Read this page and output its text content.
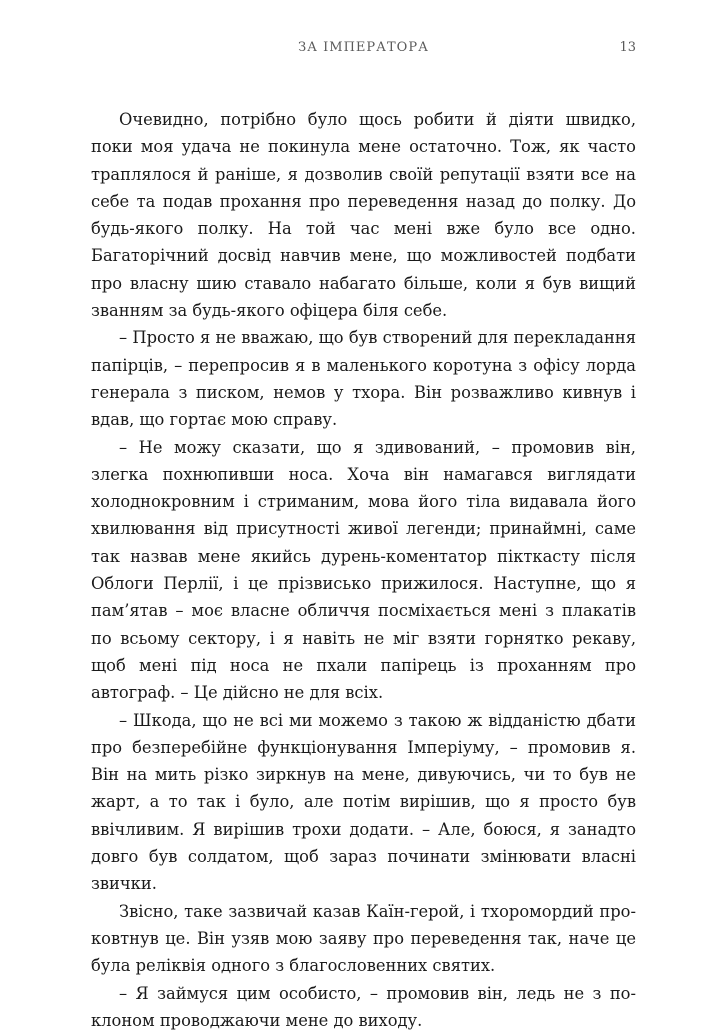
ЗА ІМПЕРАТОРА	13

Очевидно, потрібно було щось робити й діяти швидко, поки моя удача не покинула мене остаточно. Тож, як часто траплялося й раніше, я дозволив своїй репутації взяти все на себе та подав прохання про переведення назад до полку. До будь-якого полку. На той час мені вже було все одно. Багаторічний досвід навчив мене, що можливостей подбати про власну шию ставало набагато більше, коли я був вищий званням за будь-якого офіцера біля себе.

– Просто я не вважаю, що був створений для перекладання папірців, – перепросив я в маленького коротуна з офісу лорда генерала з писком, немов у тхора. Він розважливо кивнув і вдав, що гортає мою справу.

– Не можу сказати, що я здивований, – промовив він, злегка похнюпивши носа. Хоча він намагався виглядати холоднокровним і стриманим, мова його тіла видавала його хвилювання від присутності живої легенди; принаймні, саме так назвав мене якийсь дурень-коментатор пікткасту після Облоги Перлії, і це прізвисько прижилося. Наступне, що я пам’ятав – моє власне обличчя посміхається мені з плакатів по всьому сектору, і я навіть не міг взяти горнятко рекаву, щоб мені під носа не пхали папірець із проханням про автограф. – Це дійсно не для всіх.

– Шкода, що не всі ми можемо з такою ж відданістю дбати про безперебійне функціонування Імперіуму, – промовив я. Він на мить різко зиркнув на мене, дивуючись, чи то був не жарт, а то так і було, але потім вирішив, що я просто був ввічливим. Я вирішив трохи додати. – Але, боюся, я занадто довго був солдатом, щоб зараз починати змінювати власні звички.

Звісно, таке зазвичай казав Каїн-герой, і тхоромордий проковтнув це. Він узяв мою заяву про переведення так, наче це була реліквія одного з благословенних святих.

– Я займуся цим особисто, – промовив він, ледь не з поклоном проводжаючи мене до виходу.
